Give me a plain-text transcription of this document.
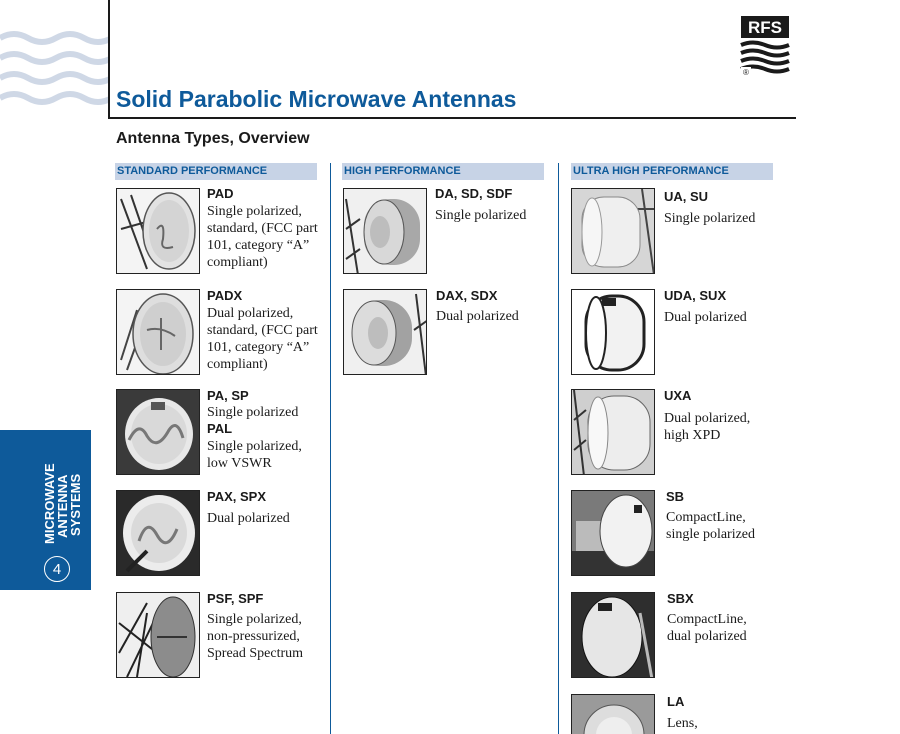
Solid Parabolic Microwave Antennas
Antenna Types, Overview
RFS
®
MICROWAVE
ANTENNA
SYSTEMS
4
STANDARD PERFORMANCE	HIGH PERFORMANCE	ULTRA HIGH PERFORMANCE
PAD
Single polarized,
standard, (FCC part
101, category “A”
compliant)
PADX
Dual polarized,
standard, (FCC part
101, category “A”
compliant)
PA, SP
Single polarized
PAL
Single polarized,
low VSWR
PAX, SPX
Dual polarized
PSF, SPF
Single polarized,
non-pressurized,
Spread Spectrum
DA, SD, SDF
Single polarized
DAX, SDX
Dual polarized
UA, SU
Single polarized
UDA, SUX
Dual polarized
UXA
Dual polarized,
high XPD
SB
CompactLine,
single polarized
SBX
CompactLine,
dual polarized
LA
Lens,
